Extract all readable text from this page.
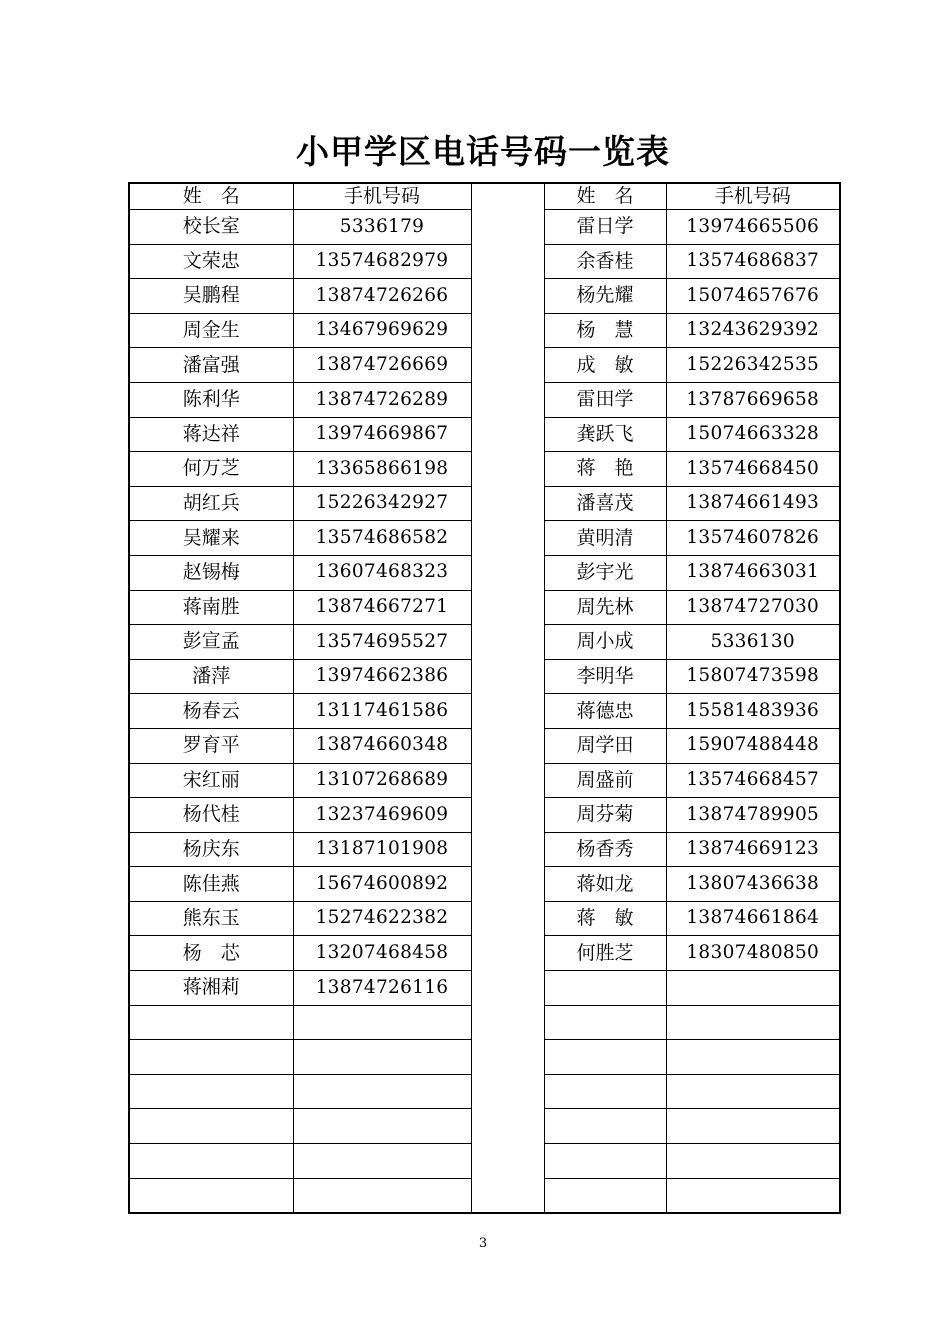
小甲学区电话号码一览表
姓　名	手机号码		姓　名	手机号码
校长室	5336179		雷日学	13974665506
文荣忠	13574682979		余香桂	13574686837
吴鹏程	13874726266		杨先耀	15074657676
周金生	13467969629		杨　慧	13243629392
潘富强	13874726669		成　敏	15226342535
陈利华	13874726289		雷田学	13787669658
蒋达祥	13974669867		龚跃飞	15074663328
何万芝	13365866198		蒋　艳	13574668450
胡红兵	15226342927		潘喜茂	13874661493
吴耀来	13574686582		黄明清	13574607826
赵锡梅	13607468323		彭宇光	13874663031
蒋南胜	13874667271		周先林	13874727030
彭宣孟	13574695527		周小成	5336130
潘萍	13974662386		李明华	15807473598
杨春云	13117461586		蒋德忠	15581483936
罗育平	13874660348		周学田	15907488448
宋红丽	13107268689		周盛前	13574668457
杨代桂	13237469609		周芬菊	13874789905
杨庆东	13187101908		杨香秀	13874669123
陈佳燕	15674600892		蒋如龙	13807436638
熊东玉	15274622382		蒋　敏	13874661864
杨　芯	13207468458		何胜芝	18307480850
蒋湘莉	13874726116			

3
